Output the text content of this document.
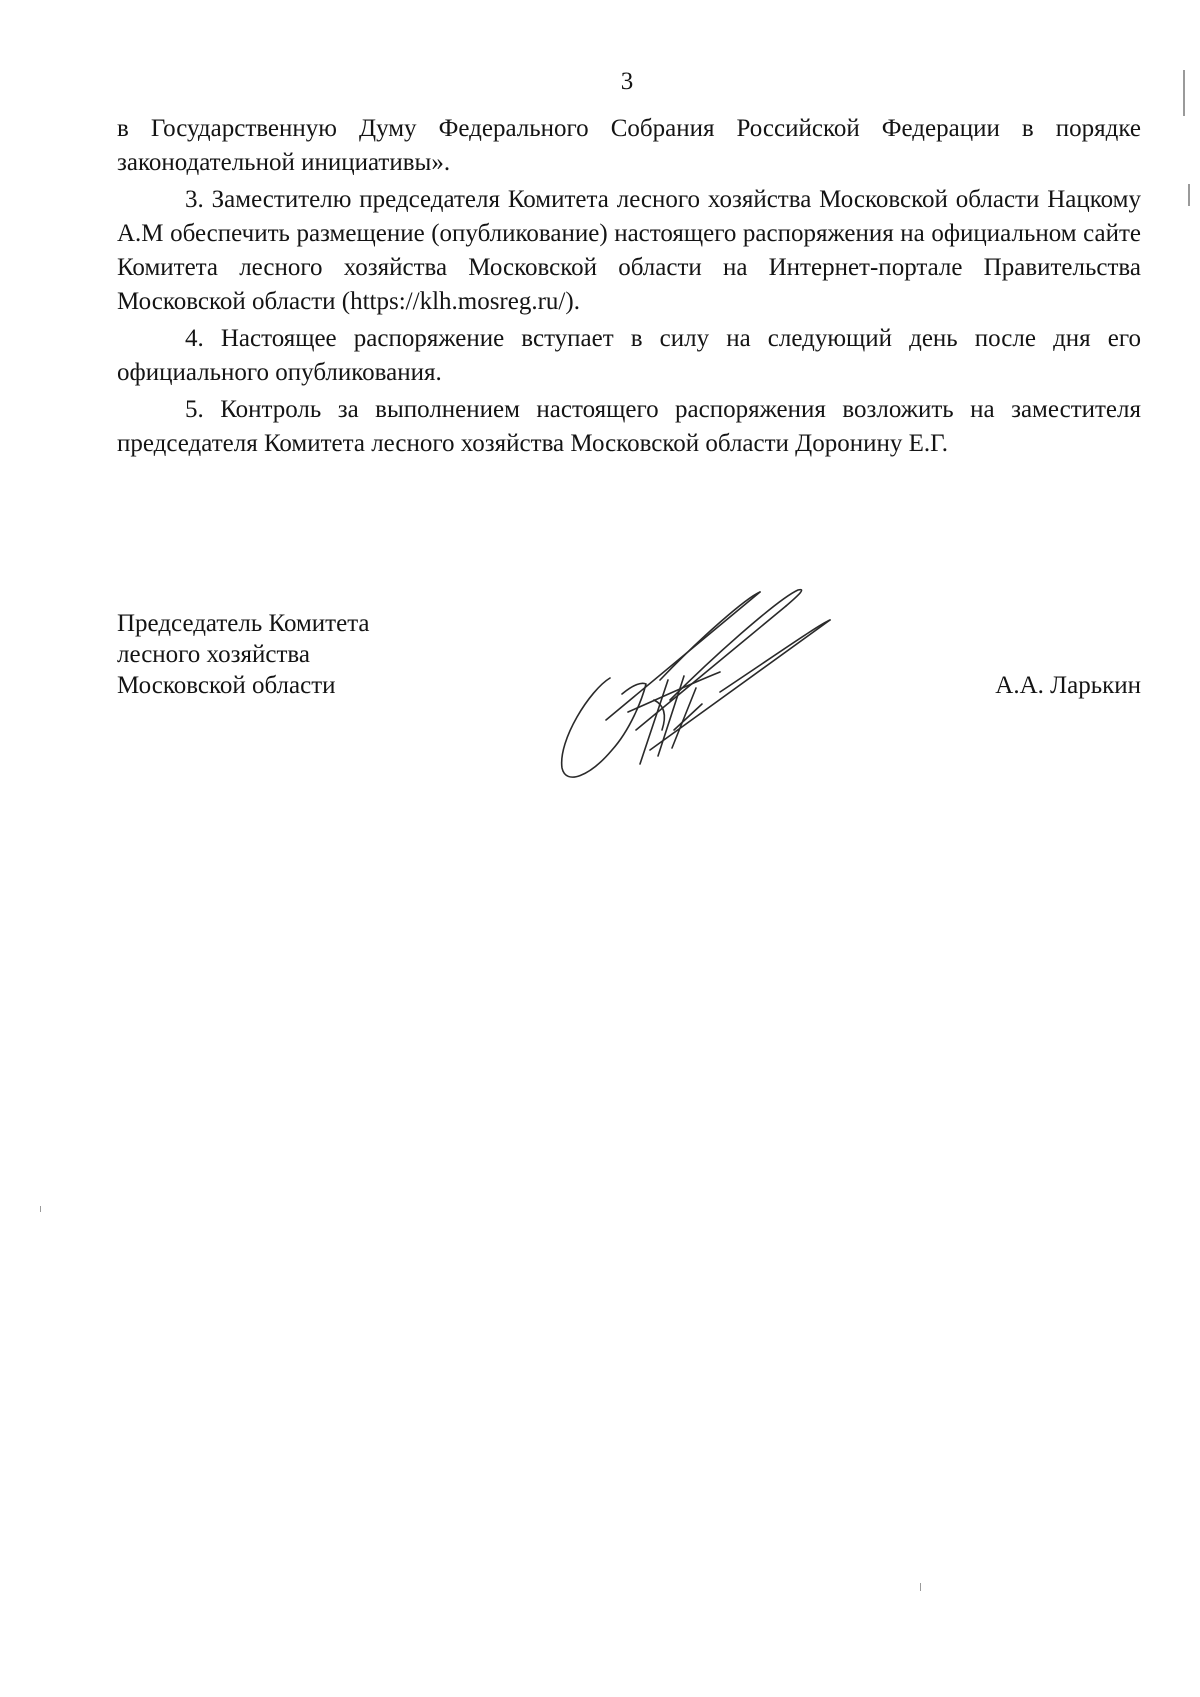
3

в Государственную Думу Федерального Собрания Российской Федерации в порядке законодательной инициативы».

3. Заместителю председателя Комитета лесного хозяйства Московской области Нацкому А.М обеспечить размещение (опубликование) настоящего распоряжения на официальном сайте Комитета лесного хозяйства Московской области на Интернет-портале Правительства Московской области (https://klh.mosreg.ru/).

4. Настоящее распоряжение вступает в силу на следующий день после дня его официального опубликования.

5. Контроль за выполнением настоящего распоряжения возложить на заместителя председателя Комитета лесного хозяйства Московской области Доронину Е.Г.

Председатель Комитета
лесного хозяйства
Московской области	А.А. Ларькин
